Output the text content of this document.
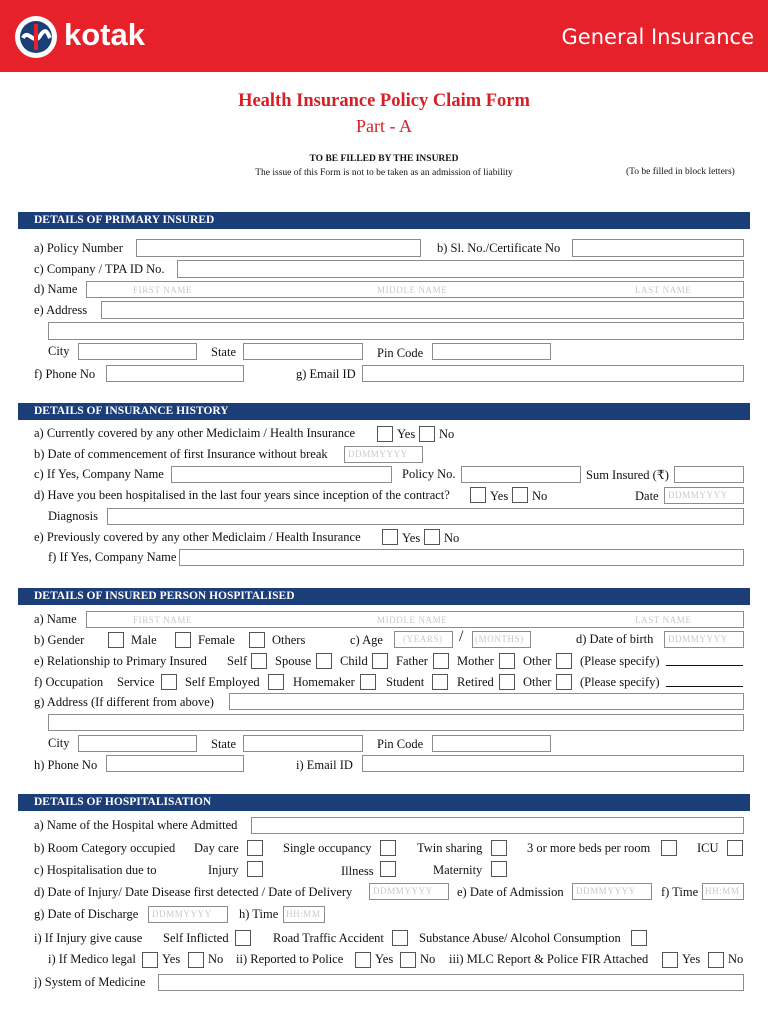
kotak	General Insurance
Health Insurance Policy Claim Form
Part - A
TO BE FILLED BY THE INSURED
The issue of this Form is not to be taken as an admission of liability	(To be filled in block letters)
DETAILS OF PRIMARY INSURED
a) Policy Number	b) Sl. No./Certificate No
c) Company / TPA ID No.
d) Name	FIRST NAME	MIDDLE NAME	LAST NAME
e) Address
City	State	Pin Code
f) Phone No	g) Email ID
DETAILS OF INSURANCE HISTORY
a) Currently covered by any other Mediclaim / Health Insurance	Yes No
b) Date of commencement of first Insurance without break DDMMYYYY
c) If Yes, Company Name	Policy No.	Sum Insured (₹)
d) Have you been hospitalised in the last four years since inception of the contract?	Yes No	Date DDMMYYYY
Diagnosis
e) Previously covered by any other Mediclaim / Health Insurance	Yes No
f) If Yes, Company Name
DETAILS OF INSURED PERSON HOSPITALISED
a) Name	FIRST NAME	MIDDLE NAME	LAST NAME
b) Gender	Male	Female	Others	c) Age (YEARS) / (MONTHS)	d) Date of birth DDMMYYYY
e) Relationship to Primary Insured Self Spouse Child Father Mother Other (Please specify)
f) Occupation Service Self Employed	Homemaker Student	Retired Other (Please specify)
g) Address (If different from above)
City	State	Pin Code
h) Phone No	i) Email ID
DETAILS OF HOSPITALISATION
a) Name of the Hospital where Admitted
b) Room Category occupied Day care	Single occupancy	Twin sharing	3 or more beds per room	ICU
c) Hospitalisation due to	Injury	Illness	Maternity
d) Date of Injury/ Date Disease first detected / Date of Delivery DDMMYYYY e) Date of Admission DDMMYYYY f) Time HH:MM
g) Date of Discharge DDMMYYYY h) Time HH:MM
i) If Injury give cause Self Inflicted	Road Traffic Accident	Substance Abuse/ Alcohol Consumption
i) If Medico legal Yes No ii) Reported to Police	Yes No iii) MLC Report & Police FIR Attached	Yes No
j) System of Medicine
